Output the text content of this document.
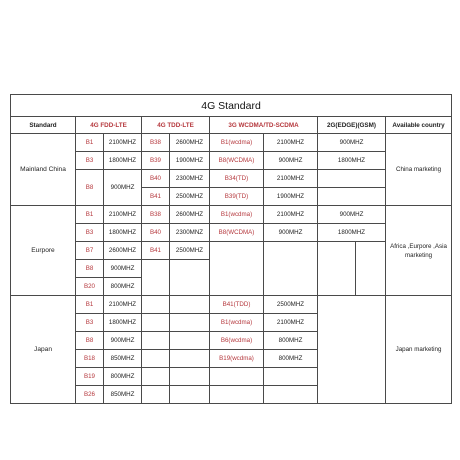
4G Standard									
Standard	4G FDD-LTE		4G TDD-LTE		3G WCDMA/TD-SCDMA		2G(EDGE)(GSM)		Available country
Mainland China	B1	2100MHZ	B38	2600MHZ	B1(wcdma)	2100MHZ	900MHZ		China marketing
	B3	1800MHZ	B39	1900MHZ	B8(WCDMA)	900MHZ	1800MHZ		
	B8	900MHZ	B40	2300MHZ	B34(TD)	2100MHZ			
			B41	2500MHZ	B39(TD)	1900MHZ			
Eurpore	B1	2100MHZ	B38	2600MHZ	B1(wcdma)	2100MHZ	900MHZ		Africa ,Eurpore ,Asia marketing
	B3	1800MHZ	B40	2300MNZ	B8(WCDMA)	900MHZ	1800MHZ		
	B7	2600MHZ	B41	2500MHZ					
	B8	900MHZ							
	B20	800MHZ							
Japan	B1	2100MHZ			B41(TDD)	2500MHZ			Japan marketing
	B3	1800MHZ			B1(wcdma)	2100MHZ			
	B8	900MHZ			B6(wcdma)	800MHZ			
	B18	850MHZ			B19(wcdma)	800MHZ			
	B19	800MHZ							
	B26	850MHZ							
